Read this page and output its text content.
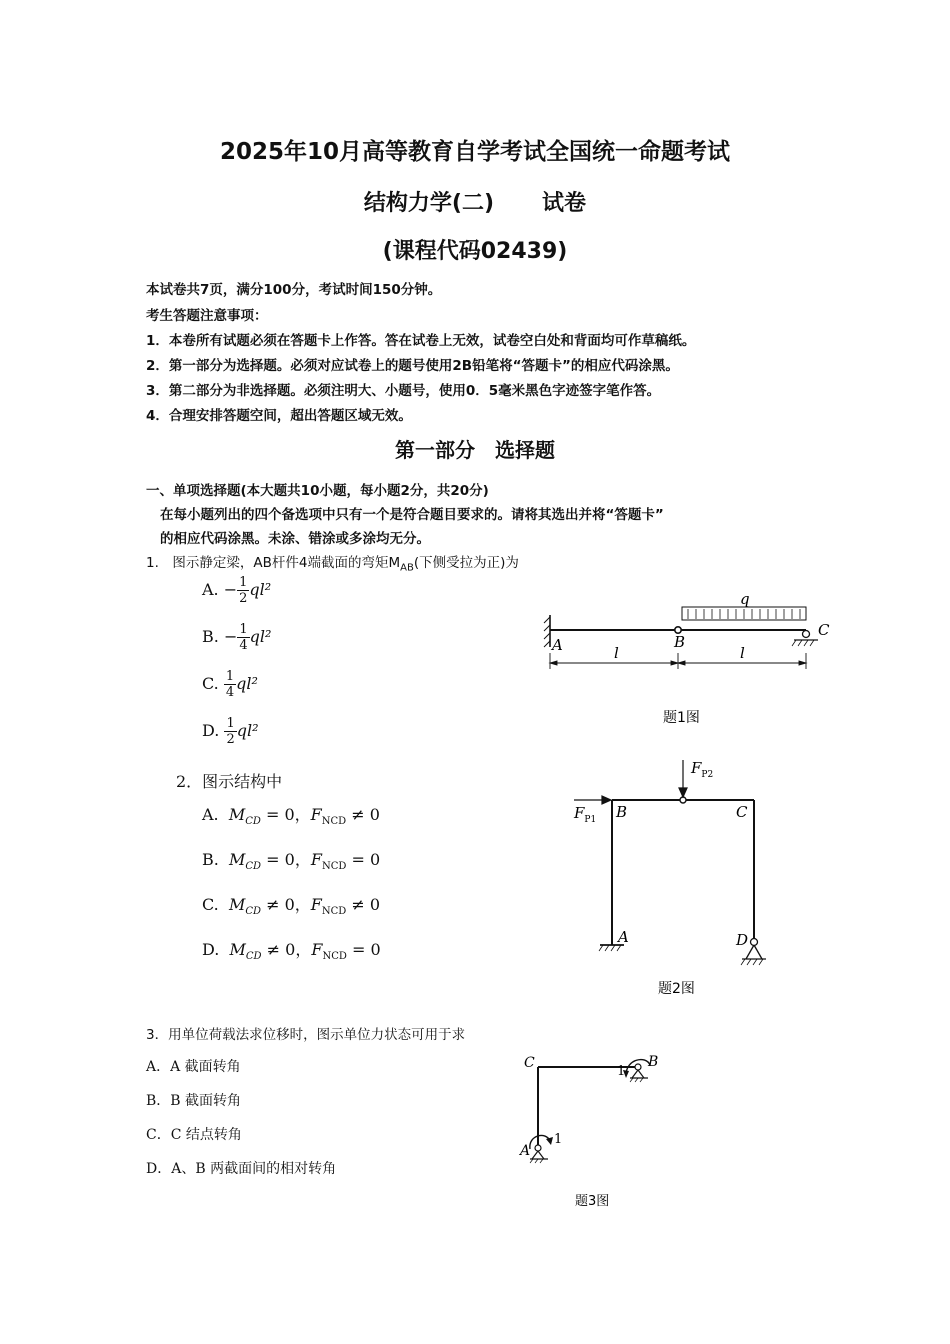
2025年10月高等教育自学考试全国统一命题考试
结构力学(二) 试卷
(课程代码02439)
本试卷共7页，满分100分，考试时间150分钟。
考生答题注意事项：
1．本卷所有试题必须在答题卡上作答。答在试卷上无效，试卷空白处和背面均可作草稿纸。
2．第一部分为选择题。必须对应试卷上的题号使用2B铅笔将“答题卡”的相应代码涂黑。
3．第二部分为非选择题。必须注明大、小题号，使用0．5毫米黑色字迹签字笔作答。
4．合理安排答题空间，超出答题区域无效。
第一部分　选择题
一、单项选择题(本大题共10小题，每小题2分，共20分)
在每小题列出的四个备选项中只有一个是符合题目要求的。请将其选出并将“答题卡”
的相应代码涂黑。未涂、错涂或多涂均无分。
1.　图示静定梁，AB杆件4端截面的弯矩$M_{AB}$(下侧受拉为正)为
A. − $\frac{1}{2} ql^2$
B. − $\frac{1}{4} ql^2$
C. $\frac{1}{4} ql^2$
D. $\frac{1}{2} ql^2$
A	B
C
q
l	l
题1图
2．图示结构中
A. $M_{CD} = 0$，$F_{NCD} \ne 0$
B. $M_{CD} = 0$，$F_{NCD} = 0$
C. $M_{CD} \ne 0$，$F_{NCD} \ne 0$
D. $M_{CD} \ne 0$，$F_{NCD} = 0$
$F_{P2}$
$F_{P1}$ B	C
A	D
题2图
3．用单位荷载法求位移时，图示单位力状态可用于求
A．A 截面转角
B．B 截面转角
C．C 结点转角
D．A、B 两截面间的相对转角
C	B
A
1
1
题3图
